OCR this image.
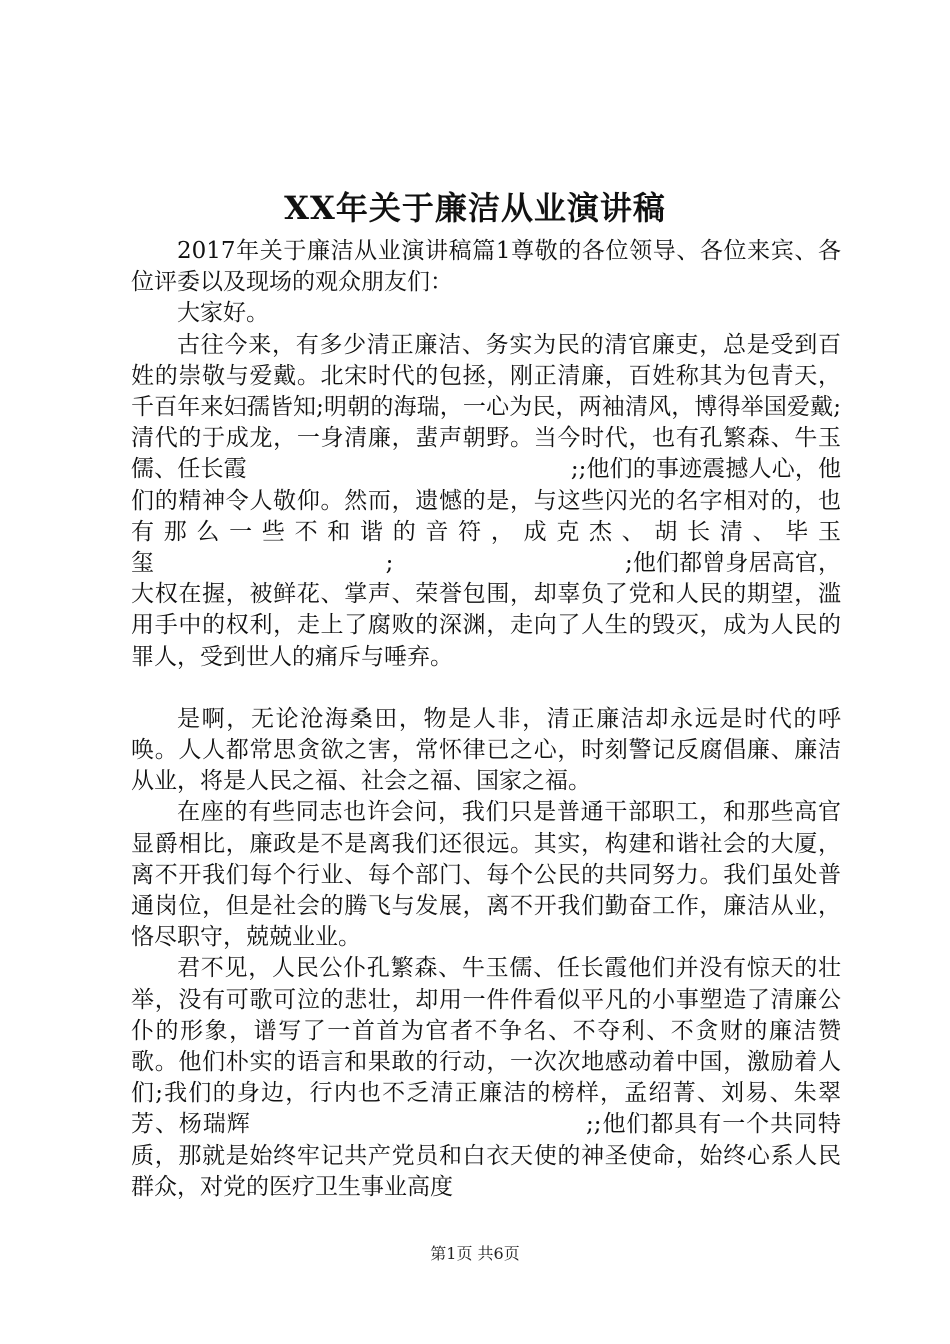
XX年关于廉洁从业演讲稿

2017年关于廉洁从业演讲稿篇1尊敬的各位领导、各位来宾、各位评委以及现场的观众朋友们：

大家好。

古往今来，有多少清正廉洁、务实为民的清官廉吏，总是受到百姓的崇敬与爱戴。北宋时代的包拯，刚正清廉，百姓称其为包青天，千百年来妇孺皆知;明朝的海瑞，一心为民，两袖清风，博得举国爱戴;清代的于成龙，一身清廉，蜚声朝野。当今时代，也有孔繁森、牛玉儒、任长霞　　　　　　　　　　　　　　;;他们的事迹震撼人心，他们的精神令人敬仰。然而，遗憾的是，与这些闪光的名字相对的，也有那么一些不和谐的音符，成克杰、胡长清、毕玉玺　　　　　　　　　　;　　　　　　　　　　;他们都曾身居高官，大权在握，被鲜花、掌声、荣誉包围，却辜负了党和人民的期望，滥用手中的权利，走上了腐败的深渊，走向了人生的毁灭，成为人民的罪人，受到世人的痛斥与唾弃。

是啊，无论沧海桑田，物是人非，清正廉洁却永远是时代的呼唤。人人都常思贪欲之害，常怀律已之心，时刻警记反腐倡廉、廉洁从业，将是人民之福、社会之福、国家之福。

在座的有些同志也许会问，我们只是普通干部职工，和那些高官显爵相比，廉政是不是离我们还很远。其实，构建和谐社会的大厦，离不开我们每个行业、每个部门、每个公民的共同努力。我们虽处普通岗位，但是社会的腾飞与发展，离不开我们勤奋工作，廉洁从业，恪尽职守，兢兢业业。

君不见，人民公仆孔繁森、牛玉儒、任长霞他们并没有惊天的壮举，没有可歌可泣的悲壮，却用一件件看似平凡的小事塑造了清廉公仆的形象，谱写了一首首为官者不争名、不夺利、不贪财的廉洁赞歌。他们朴实的语言和果敢的行动，一次次地感动着中国，激励着人们;我们的身边，行内也不乏清正廉洁的榜样，孟绍菁、刘易、朱翠芳、杨瑞辉　　　　　　　　　　　　　　;;他们都具有一个共同特质，那就是始终牢记共产党员和白衣天使的神圣使命，始终心系人民群众，对党的医疗卫生事业高度

第1页 共6页
